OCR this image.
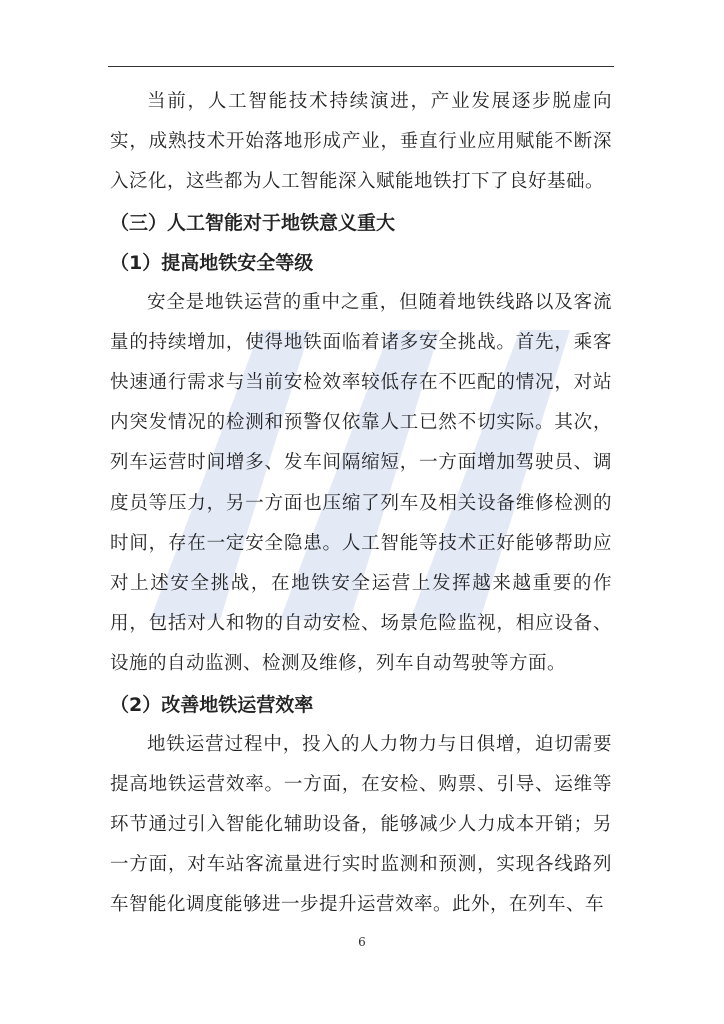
当前，人工智能技术持续演进，产业发展逐步脱虚向实，成熟技术开始落地形成产业，垂直行业应用赋能不断深入泛化，这些都为人工智能深入赋能地铁打下了良好基础。

（三）人工智能对于地铁意义重大
（1）提高地铁安全等级

安全是地铁运营的重中之重，但随着地铁线路以及客流量的持续增加，使得地铁面临着诸多安全挑战。首先，乘客快速通行需求与当前安检效率较低存在不匹配的情况，对站内突发情况的检测和预警仅依靠人工已然不切实际。其次，列车运营时间增多、发车间隔缩短，一方面增加驾驶员、调度员等压力，另一方面也压缩了列车及相关设备维修检测的时间，存在一定安全隐患。人工智能等技术正好能够帮助应对上述安全挑战，在地铁安全运营上发挥越来越重要的作用，包括对人和物的自动安检、场景危险监视，相应设备、设施的自动监测、检测及维修，列车自动驾驶等方面。

（2）改善地铁运营效率

地铁运营过程中，投入的人力物力与日俱增，迫切需要提高地铁运营效率。一方面，在安检、购票、引导、运维等环节通过引入智能化辅助设备，能够减少人力成本开销；另一方面，对车站客流量进行实时监测和预测，实现各线路列车智能化调度能够进一步提升运营效率。此外，在列车、车

6
